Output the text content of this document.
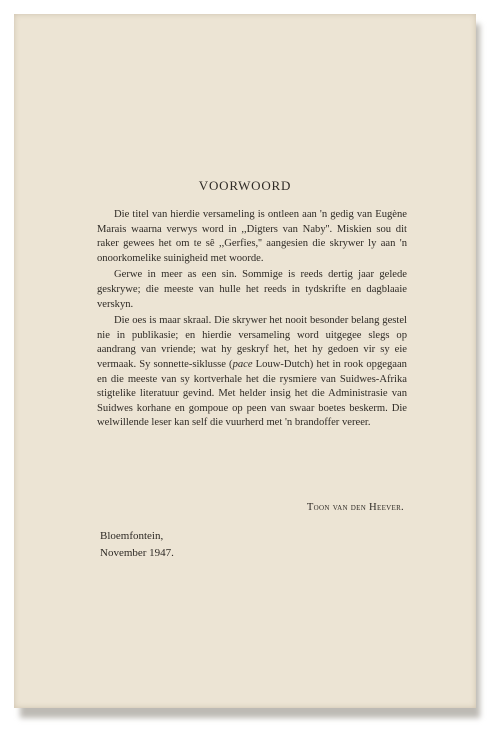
VOORWOORD

Die titel van hierdie versameling is ontleen aan 'n gedig van Eugène Marais waarna verwys word in ,,Digters van Naby''. Miskien sou dit raker gewees het om te sê ,,Gerfies,'' aangesien die skrywer ly aan 'n onoorkomelike suinigheid met woorde.

Gerwe in meer as een sin. Sommige is reeds dertig jaar gelede geskrywe; die meeste van hulle het reeds in tydskrifte en dagblaaie verskyn.

Die oes is maar skraal. Die skrywer het nooit besonder belang gestel nie in publikasie; en hierdie versameling word uitgegee slegs op aandrang van vriende; wat hy geskryf het, het hy gedoen vir sy eie vermaak. Sy sonnette-siklusse (pace Louw-Dutch) het in rook opgegaan en die meeste van sy kortverhale het die rysmiere van Suidwes-Afrika stigtelike literatuur gevind. Met helder insig het die Administrasie van Suidwes korhane en gompoue op peen van swaar boetes beskerm. Die welwillende leser kan self die vuurherd met 'n brandoffer vereer.

Toon van den Heever.
Bloemfontein,
November 1947.
